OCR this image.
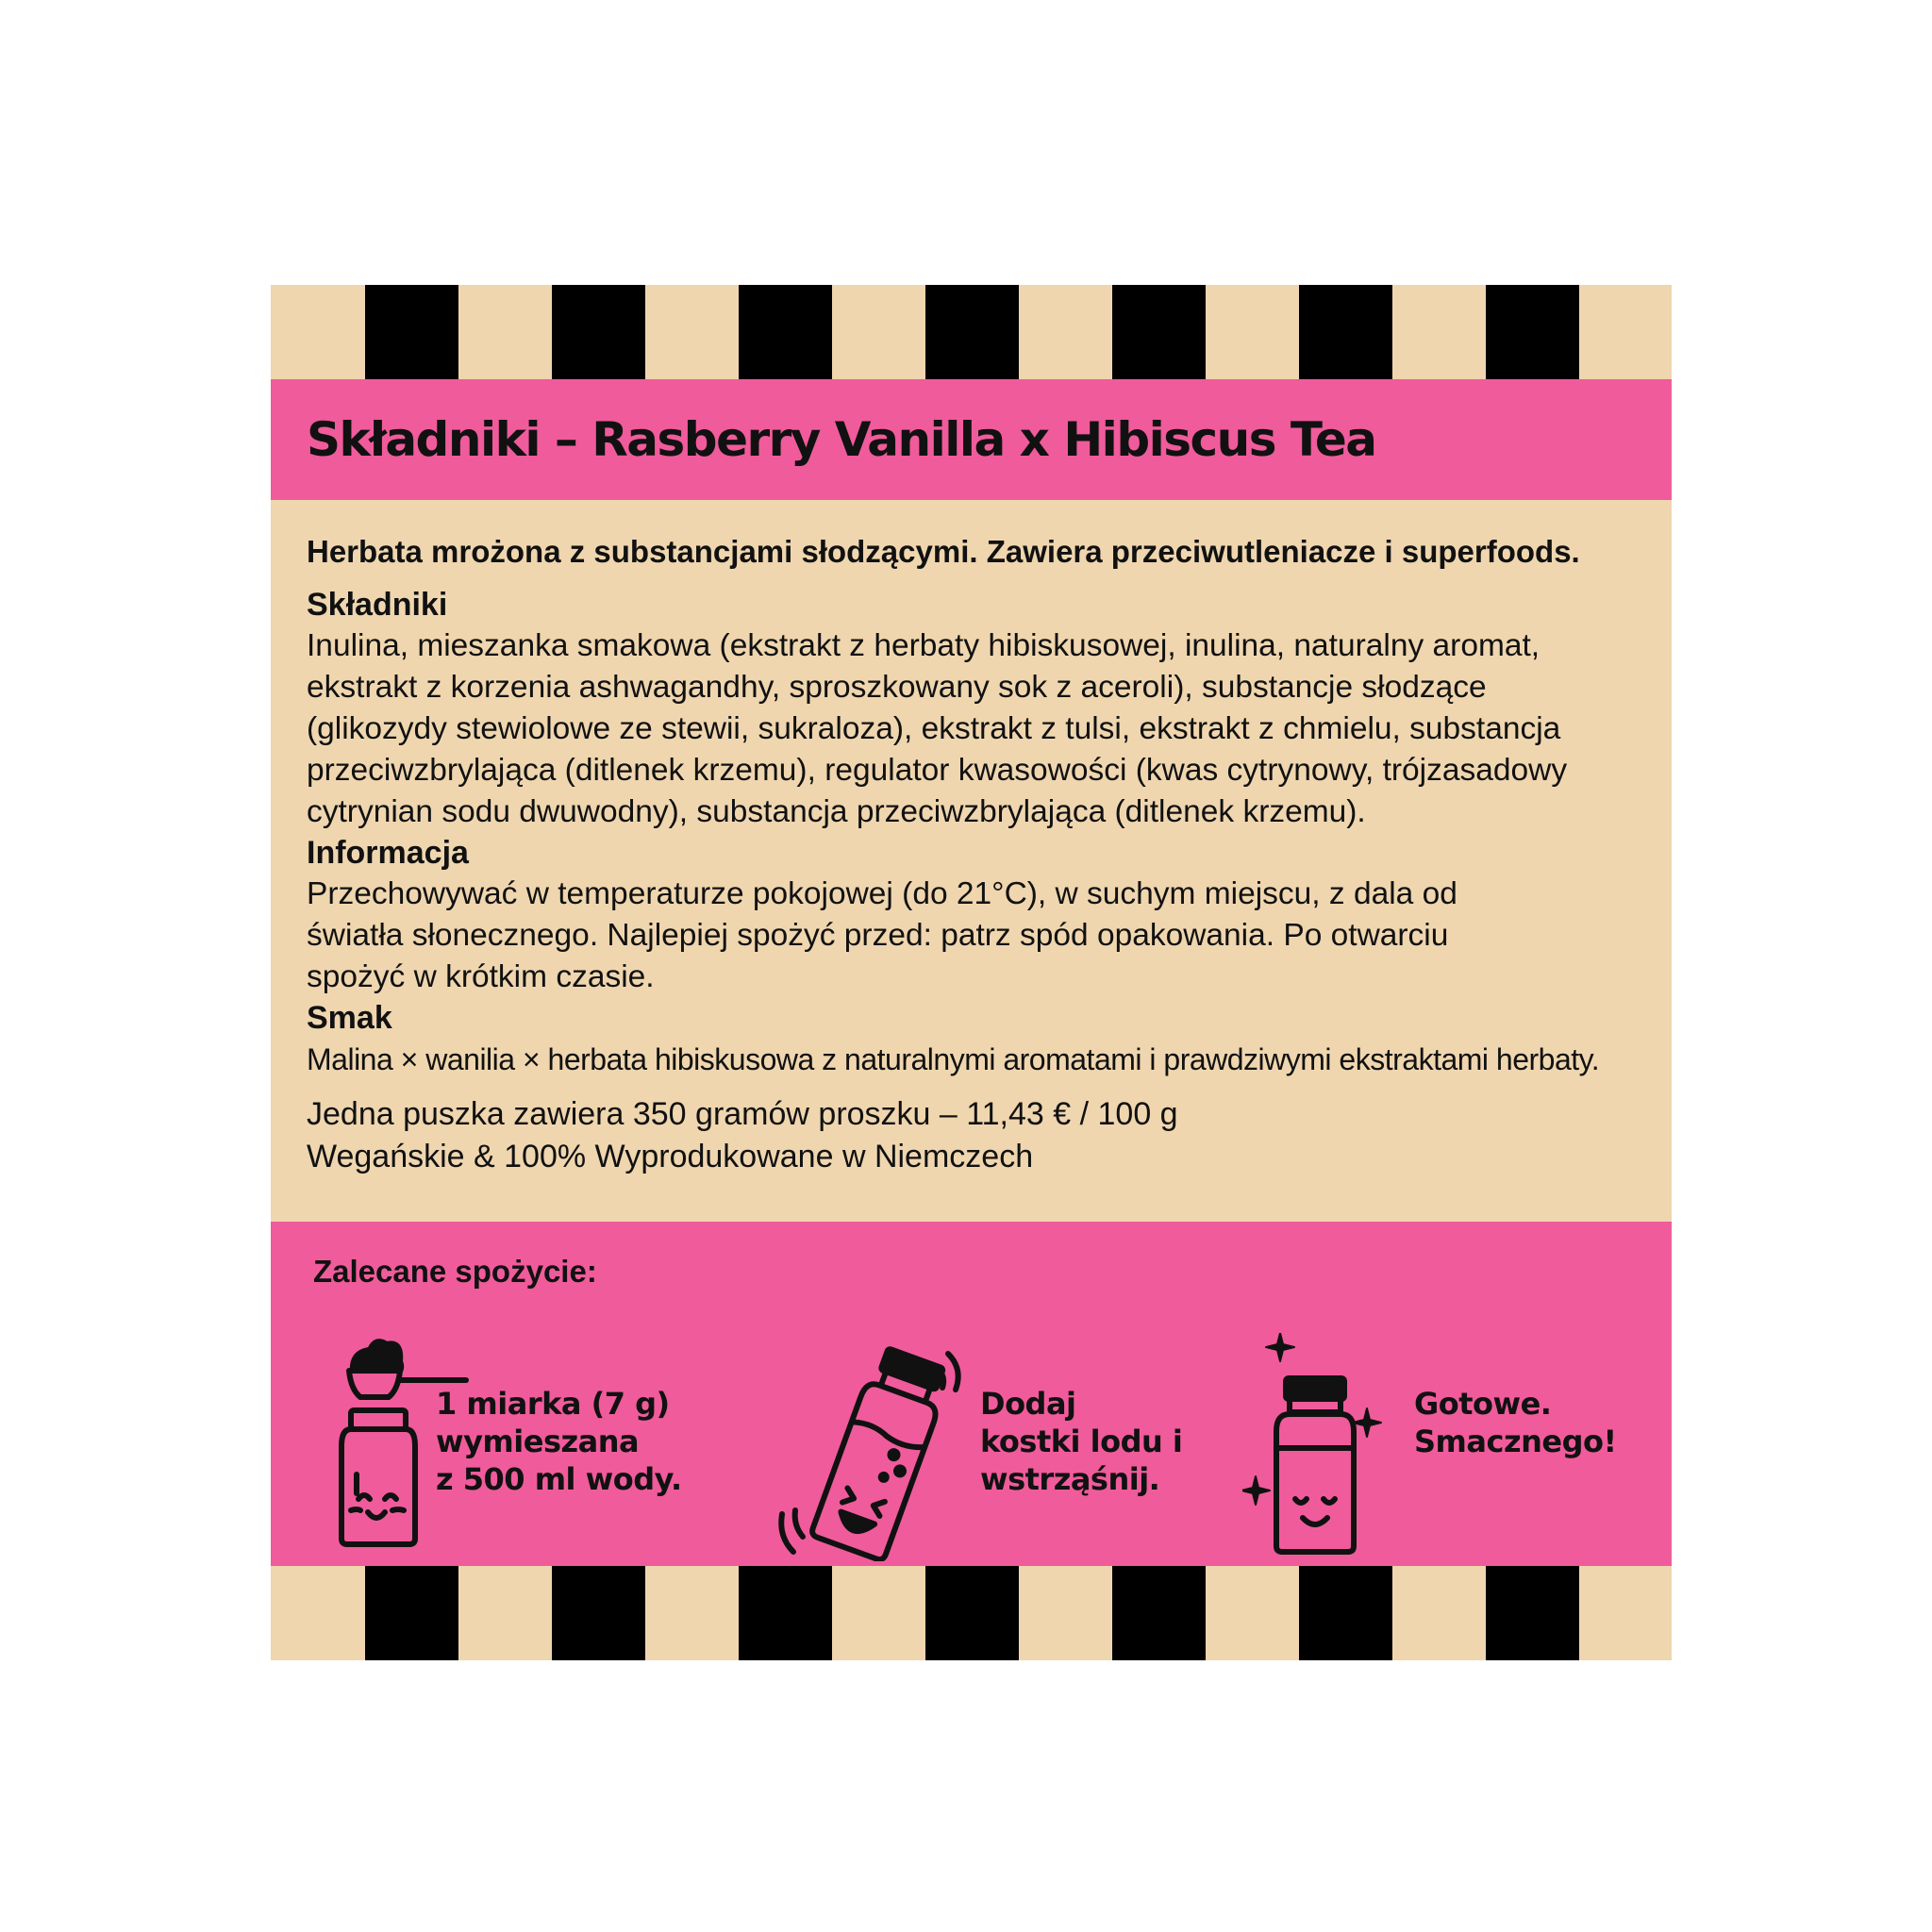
Składniki – Rasberry Vanilla x Hibiscus Tea

Herbata mrożona z substancjami słodzącymi. Zawiera przeciwutleniacze i superfoods.

Składniki

Inulina, mieszanka smakowa (ekstrakt z herbaty hibiskusowej, inulina, naturalny aromat,
ekstrakt z korzenia ashwagandhy, sproszkowany sok z aceroli), substancje słodzące
(glikozydy stewiolowe ze stewii, sukraloza), ekstrakt z tulsi, ekstrakt z chmielu, substancja
przeciwzbrylająca (ditlenek krzemu), regulator kwasowości (kwas cytrynowy, trójzasadowy
cytrynian sodu dwuwodny), substancja przeciwzbrylająca (ditlenek krzemu).

Informacja

Przechowywać w temperaturze pokojowej (do 21°C), w suchym miejscu, z dala od
światła słonecznego. Najlepiej spożyć przed: patrz spód opakowania. Po otwarciu
spożyć w krótkim czasie.

Smak

Malina × wanilia × herbata hibiskusowa z naturalnymi aromatami i prawdziwymi ekstraktami herbaty.

Jedna puszka zawiera 350 gramów proszku – 11,43 € / 100 g
Wegańskie & 100% Wyprodukowane w Niemczech

Zalecane spożycie:

1 miarka (7 g)
wymieszana
z 500 ml wody.

Dodaj
kostki lodu i
wstrząśnij.

Gotowe.
Smacznego!
